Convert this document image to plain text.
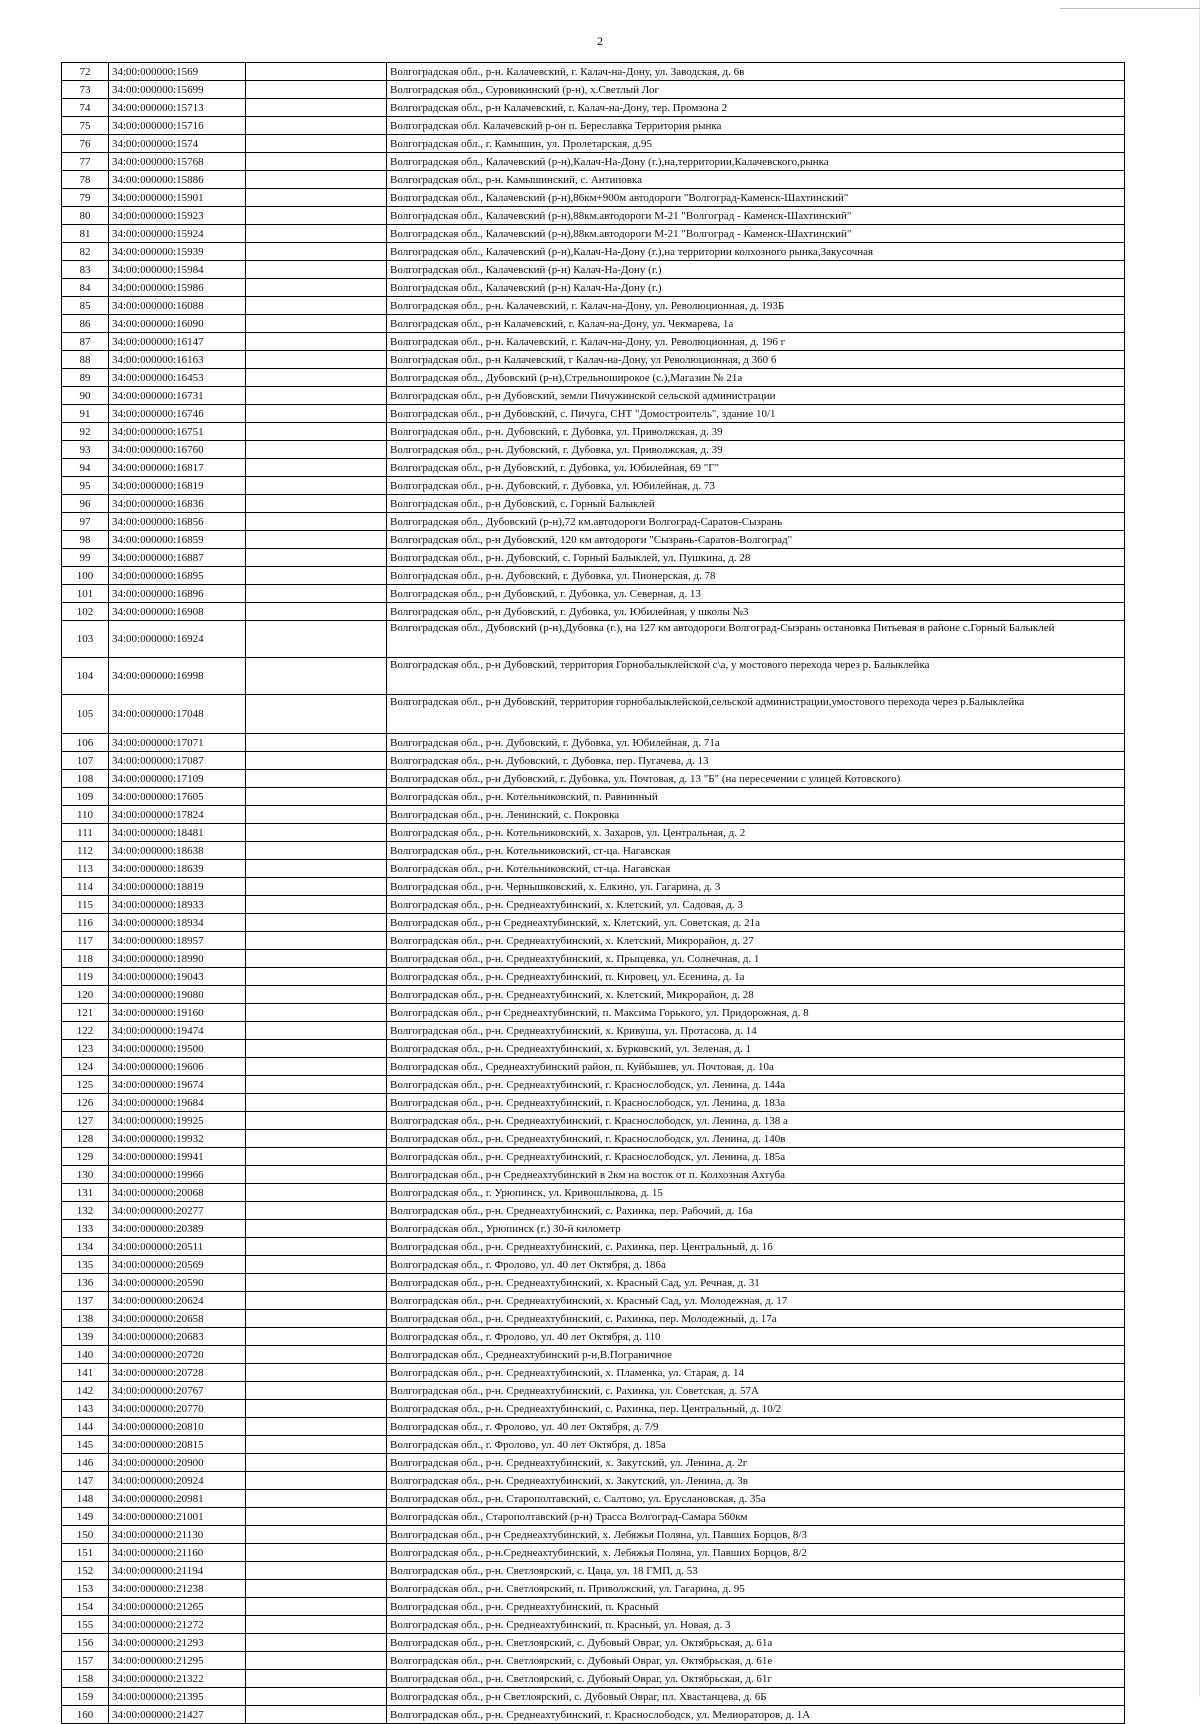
2
72	34:00:000000:1569		Волгоградская обл., р-н. Калачевский, г. Калач-на-Дону, ул. Заводская, д. 6в
73	34:00:000000:15699		Волгоградская обл., Суровикинский (р-н), х.Светлый Лог
74	34:00:000000:15713		Волгоградская обл., р-н Калачевский, г. Калач-на-Дону, тер. Промзона 2
75	34:00:000000:15716		Волгоградская обл. Калачевский р-он п. Береславка Территория рынка
76	34:00:000000:1574		Волгоградская обл., г. Камышин, ул. Пролетарская, д.95
77	34:00:000000:15768		Волгоградская обл., Калачевский (р-н),Калач-На-Дону (г.),на,территории,Калачевского,рынка
78	34:00:000000:15886		Волгоградская обл., р-н. Камышинский, с. Антиповка
79	34:00:000000:15901		Волгоградская обл., Калачевский (р-н),86км+900м автодороги "Волгоград-Каменск-Шахтинский"
80	34:00:000000:15923		Волгоградская обл., Калачевский (р-н),88км.автодороги М-21 "Волгоград - Каменск-Шахтинский"
81	34:00:000000:15924		Волгоградская обл., Калачевский (р-н),88км.автодороги М-21 "Волгоград - Каменск-Шахтинский"
82	34:00:000000:15939		Волгоградская обл., Калачевский (р-н),Калач-На-Дону (г.),на территории колхозного рынка,Закусочная
83	34:00:000000:15984		Волгоградская обл., Калачевский (р-н) Калач-На-Дону (г.)
84	34:00:000000:15986		Волгоградская обл., Калачевский (р-н) Калач-На-Дону (г.)
85	34:00:000000:16088		Волгоградская обл., р-н. Калачевский, г. Калач-на-Дону, ул. Революционная, д. 193Б
86	34:00:000000:16090		Волгоградская обл., р-н Калачевский, г. Калач-на-Дону, ул. Чекмарева, 1а
87	34:00:000000:16147		Волгоградская обл., р-н. Калачевский, г. Калач-на-Дону, ул. Революционная, д. 196 г
88	34:00:000000:16163		Волгоградская обл., р-н Калачевский, г Калач-на-Дону, ул Революционная, д 360 б
89	34:00:000000:16453		Волгоградская обл., Дубовский (р-н),Стрельноширокое (с.),Магазин № 21а
90	34:00:000000:16731		Волгоградская обл., р-н Дубовский, земли Пичужинской сельской администрации
91	34:00:000000:16746		Волгоградская обл., р-н Дубовский, с. Пичуга, СНТ "Домостроитель", здание 10/1
92	34:00:000000:16751		Волгоградская обл., р-н. Дубовский, г. Дубовка, ул. Приволжская, д. 39
93	34:00:000000:16760		Волгоградская обл., р-н. Дубовский, г. Дубовка, ул. Приволжская, д. 39
94	34:00:000000:16817		Волгоградская обл., р-н Дубовский, г. Дубовка, ул. Юбилейная, 69 "Г"
95	34:00:000000:16819		Волгоградская обл., р-н. Дубовский, г. Дубовка, ул. Юбилейная, д. 73
96	34:00:000000:16836		Волгоградская обл., р-н Дубовский, с. Горный Балыклей
97	34:00:000000:16856		Волгоградская обл., Дубовский (р-н),72 км.автодороги Волгоград-Саратов-Сызрань
98	34:00:000000:16859		Волгоградская обл., р-н Дубовский, 120 км автодороги "Сызрань-Саратов-Волгоград"
99	34:00:000000:16887		Волгоградская обл., р-н. Дубовский, с. Горный Балыклей, ул. Пушкина, д. 28
100	34:00:000000:16895		Волгоградская обл., р-н. Дубовский, г. Дубовка, ул. Пионерская, д. 78
101	34:00:000000:16896		Волгоградская обл., р-н Дубовский, г. Дубовка, ул. Северная, д. 13
102	34:00:000000:16908		Волгоградская обл., р-н Дубовский, г. Дубовка, ул. Юбилейная, у школы №3
103	34:00:000000:16924		Волгоградская обл., Дубовский (р-н),Дубовка (г.), на 127 км автодороги Волгоград-Сызрань остановка Питьевая в районе с.Горный Балыклей
104	34:00:000000:16998		Волгоградская обл., р-н Дубовский, территория Горнобалыклейской с\а, у мостового перехода через р. Балыклейка
105	34:00:000000:17048		Волгоградская обл., р-н Дубовский, территория горнобалыклейской,сельской администрации,умостового перехода через р.Балыклейка
106	34:00:000000:17071		Волгоградская обл., р-н. Дубовский, г. Дубовка, ул. Юбилейная, д. 71а
107	34:00:000000:17087		Волгоградская обл., р-н. Дубовский, г. Дубовка, пер. Пугачева, д. 13
108	34:00:000000:17109		Волгоградская обл., р-н Дубовский, г. Дубовка, ул. Почтовая, д. 13 "Б" (на пересечении с улицей Котовского)
109	34:00:000000:17605		Волгоградская обл., р-н. Котельниковский, п. Равнинный
110	34:00:000000:17824		Волгоградская обл., р-н. Ленинский, с. Покровка
111	34:00:000000:18481		Волгоградская обл., р-н. Котельниковский, х. Захаров, ул. Центральная, д. 2
112	34:00:000000:18638		Волгоградская обл., р-н. Котельниковский, ст-ца. Нагавская
113	34:00:000000:18639		Волгоградская обл., р-н. Котельниковский, ст-ца. Нагавская
114	34:00:000000:18819		Волгоградская обл., р-н. Чернышковский, х. Елкино, ул. Гагарина, д. 3
115	34:00:000000:18933		Волгоградская обл., р-н. Среднеахтубинский, х. Клетский, ул. Садовая, д. 3
116	34:00:000000:18934		Волгоградская обл., р-н Среднеахтубинский, х. Клетский, ул. Советская, д. 21а
117	34:00:000000:18957		Волгоградская обл., р-н. Среднеахтубинский, х. Клетский, Микрорайон, д. 27
118	34:00:000000:18990		Волгоградская обл., р-н. Среднеахтубинский, х. Прыщевка, ул. Солнечная, д. 1
119	34:00:000000:19043		Волгоградская обл., р-н. Среднеахтубинский, п. Кировец, ул. Есенина, д. 1а
120	34:00:000000:19080		Волгоградская обл., р-н. Среднеахтубинский, х. Клетский, Микрорайон, д. 28
121	34:00:000000:19160		Волгоградская обл., р-н Среднеахтубинский, п. Максима Горького, ул. Придорожная, д. 8
122	34:00:000000:19474		Волгоградская обл., р-н. Среднеахтубинский, х. Кривуша, ул. Протасова, д. 14
123	34:00:000000:19500		Волгоградская обл., р-н. Среднеахтубинский, х. Бурковский, ул. Зеленая, д. 1
124	34:00:000000:19606		Волгоградская обл., Среднеахтубинский район, п. Куйбышев, ул. Почтовая, д. 10а
125	34:00:000000:19674		Волгоградская обл., р-н. Среднеахтубинский, г. Краснослободск, ул. Ленина, д. 144а
126	34:00:000000:19684		Волгоградская обл., р-н. Среднеахтубинский, г. Краснослободск, ул. Ленина, д. 183а
127	34:00:000000:19925		Волгоградская обл., р-н. Среднеахтубинский, г. Краснослободск, ул. Ленина, д. 138 а
128	34:00:000000:19932		Волгоградская обл., р-н. Среднеахтубинский, г. Краснослободск, ул. Ленина, д. 140в
129	34:00:000000:19941		Волгоградская обл., р-н. Среднеахтубинский, г. Краснослободск, ул. Ленина, д. 185а
130	34:00:000000:19966		Волгоградская обл., р-н Среднеахтубинский в 2км на восток от п. Колхозная Ахтуба
131	34:00:000000:20068		Волгоградская обл., г. Урюпинск, ул. Кривошлыкова, д. 15
132	34:00:000000:20277		Волгоградская обл., р-н. Среднеахтубинский, с. Рахинка, пер. Рабочий, д. 16а
133	34:00:000000:20389		Волгоградская обл., Урюпинск (г.) 30-й километр
134	34:00:000000:20511		Волгоградская обл., р-н. Среднеахтубинский, с. Рахинка, пер. Центральный, д. 16
135	34:00:000000:20569		Волгоградская обл., г. Фролово, ул. 40 лет Октября, д. 186а
136	34:00:000000:20590		Волгоградская обл., р-н. Среднеахтубинский, х. Красный Сад, ул. Речная, д. 31
137	34:00:000000:20624		Волгоградская обл., р-н. Среднеахтубинский, х. Красный Сад, ул. Молодежная, д. 17
138	34:00:000000:20658		Волгоградская обл., р-н. Среднеахтубинский, с. Рахинка, пер. Молодежный, д. 17а
139	34:00:000000:20683		Волгоградская обл., г. Фролово, ул. 40 лет Октября, д. 110
140	34:00:000000:20720		Волгоградская обл., Среднеахтубинский р-н,В.Пограничное
141	34:00:000000:20728		Волгоградская обл., р-н. Среднеахтубинский, х. Пламенка, ул. Старая, д. 14
142	34:00:000000:20767		Волгоградская обл., р-н. Среднеахтубинский, с. Рахинка, ул. Советская, д. 57А
143	34:00:000000:20770		Волгоградская обл., р-н. Среднеахтубинский, с. Рахинка, пер. Центральный, д. 10/2
144	34:00:000000:20810		Волгоградская обл., г. Фролово, ул. 40 лет Октября, д. 7/9
145	34:00:000000:20815		Волгоградская обл., г. Фролово, ул. 40 лет Октября, д. 185а
146	34:00:000000:20900		Волгоградская обл., р-н. Среднеахтубинский, х. Закутский, ул. Ленина, д. 2г
147	34:00:000000:20924		Волгоградская обл., р-н. Среднеахтубинский, х. Закутский, ул. Ленина, д. 3в
148	34:00:000000:20981		Волгоградская обл., р-н. Старополтавский, с. Салтово, ул. Еруслановская, д. 35а
149	34:00:000000:21001		Волгоградская обл., Старополтавский (р-н) Трасса Волгоград-Самара 560км
150	34:00:000000:21130		Волгоградская обл., р-н Среднеахтубинский, х. Лебяжья Поляна, ул. Павших Борцов, 8/3
151	34:00:000000:21160		Волгоградская обл., р-н.Среднеахтубинский, х. Лебяжья Поляна, ул. Павших Борцов, 8/2
152	34:00:000000:21194		Волгоградская обл., р-н. Светлоярский, с. Цаца, ул. 18 ГМП, д. 53
153	34:00:000000:21238		Волгоградская обл., р-н. Светлоярский, п. Приволжский, ул. Гагарина, д. 95
154	34:00:000000:21265		Волгоградская обл., р-н. Среднеахтубинский, п. Красный
155	34:00:000000:21272		Волгоградская обл., р-н. Среднеахтубинский, п. Красный, ул. Новая, д. 3
156	34:00:000000:21293		Волгоградская обл., р-н. Светлоярский, с. Дубовый Овраг, ул. Октябрьская, д. 61а
157	34:00:000000:21295		Волгоградская обл., р-н. Светлоярский, с. Дубовый Овраг, ул. Октябрьская, д. 61е
158	34:00:000000:21322		Волгоградская обл., р-н. Светлоярский, с. Дубовый Овраг, ул. Октябрьская, д. 61г
159	34:00:000000:21395		Волгоградская обл., р-н Светлоярский, с. Дубовый Овраг, пл. Хвастанцева, д. 6Б
160	34:00:000000:21427		Волгоградская обл., р-н. Среднеахтубинский, г. Краснослободск, ул. Мелиораторов, д. 1А
